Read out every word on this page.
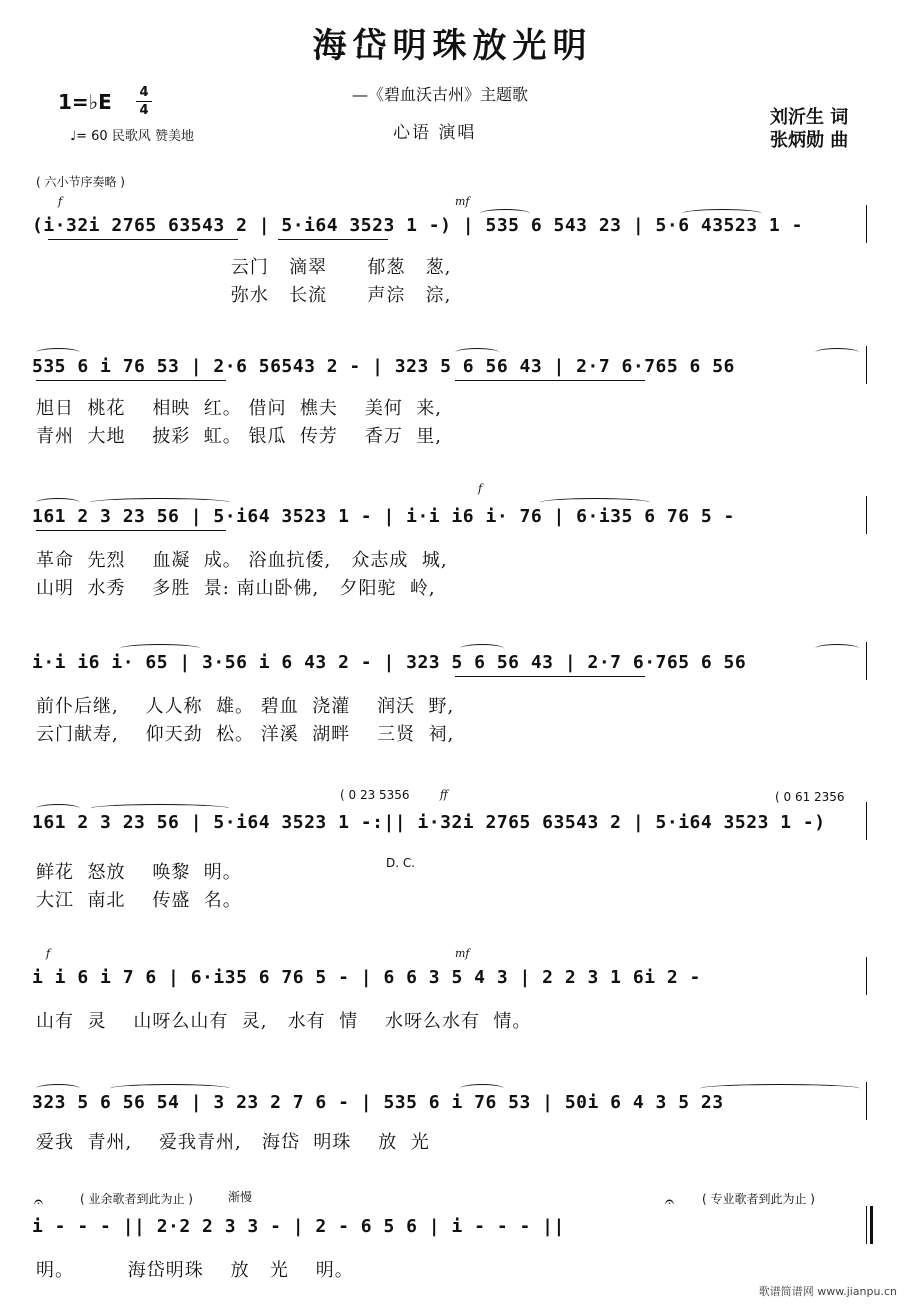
海岱明珠放光明
—《碧血沃古州》主题歌
心语 演唱
1=♭E 4
4
♩= 60 民歌风 赞美地
刘沂生 词
张炳勋 曲
( 六小节序奏略 )
f	mf
(i·32i 2765 63543 2 | 5·i64 3523 1 -) | 535 6 543 23 | 5·6 43523 1 -
云门   滴翠      郁葱   葱,
弥水   长流      声淙   淙,
535 6 i 76 53 | 2·6 56543 2 - | 323 5 6 56 43 | 2·7 6·765 6 56
旭日  桃花    相映  红。 借问  樵夫    美何  来,
青州  大地    披彩  虹。 银瓜  传芳    香万  里,
f
161 2 3 23 56 | 5·i64 3523 1 - | i·i i6 i· 76 | 6·i35 6 76 5 -
革命  先烈    血凝  成。 浴血抗倭,   众志成  城,
山明  水秀    多胜  景: 南山卧佛,   夕阳驼  岭,
i·i i6 i· 65 | 3·56 i 6 43 2 - | 323 5 6 56 43 | 2·7 6·765 6 56
前仆后继,    人人称  雄。 碧血  浇灌    润沃  野,
云门献寿,    仰天劲  松。 洋溪  湖畔    三贤  祠,
( 0 23 5356	( 0 61 2356
ff
161 2 3 23 56 | 5·i64 3523 1 -:|| i·32i 2765 63543 2 | 5·i64 3523 1 -)
D. C.
鲜花  怒放    唤黎  明。
大江  南北    传盛  名。
f	mf
i i 6 i 7 6 | 6·i35 6 76 5 - | 6 6 3 5 4 3 | 2 2 3 1 6i 2 -
山有  灵    山呀么山有  灵,   水有  情    水呀么水有  情。
323 5 6 56 54 | 3 23 2 7 6 - | 535 6 i 76 53 | 50i 6 4 3 5 23
爱我  青州,    爱我青州,   海岱  明珠    放  光
( 业余歌者到此为止 )	渐慢	( 专业歌者到此为止 )
i - - - || 2·2 2 3 3 - | 2 - 6 5 6 | i - - - ||
𝄐	𝄐
明。        海岱明珠    放   光    明。
歌谱简谱网 www.jianpu.cn
